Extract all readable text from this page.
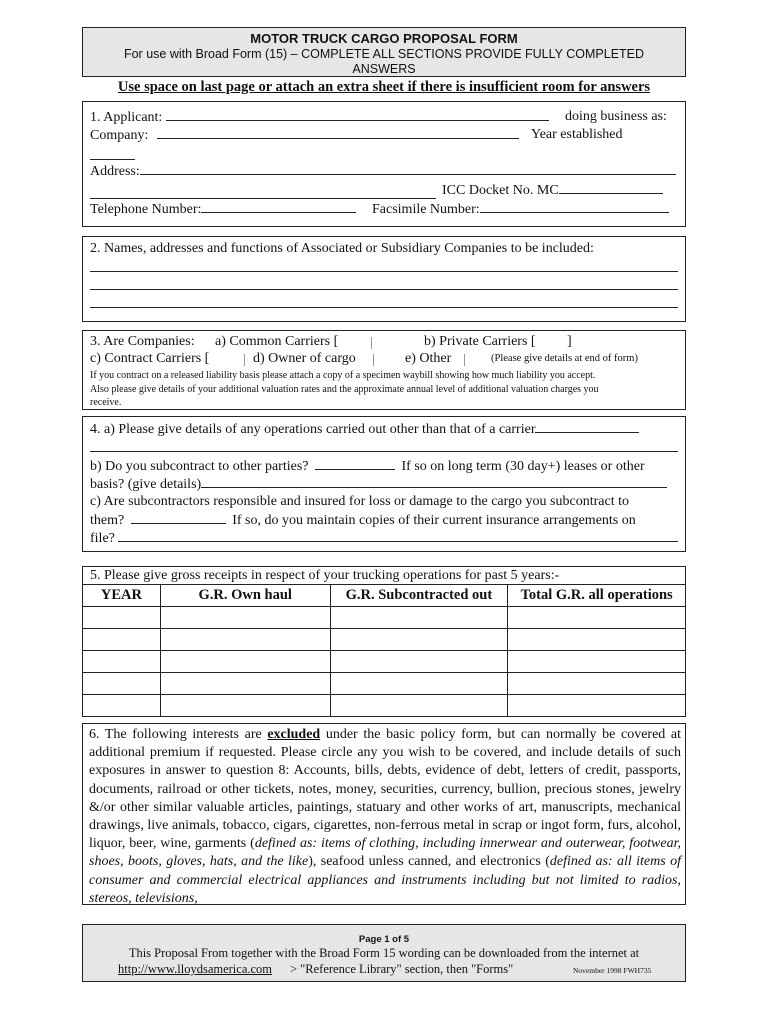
MOTOR TRUCK CARGO PROPOSAL FORM
For use with Broad Form (15) – COMPLETE ALL SECTIONS PROVIDE FULLY COMPLETED
ANSWERS
Use space on last page or attach an extra sheet if there is insufficient room for answers
1. Applicant:	doing business as:
Company:	Year established
Address:
ICC Docket No. MC
Telephone Number:	Facsimile Number:
2. Names, addresses and functions of Associated or Subsidiary Companies to be included:
3. Are Companies: a) Common Carriers [	b) Private Carriers [ ]
c) Contract Carriers [	d) Owner of cargo	e) Other	(Please give details at end of form)
If you contract on a released liability basis please attach a copy of a specimen waybill showing how much liability you accept.
Also please give details of your additional valuation rates and the approximate annual level of additional valuation charges you
receive.
4. a) Please give details of any operations carried out other than that of a carrier
b) Do you subcontract to other parties?	If so on long term (30 day+) leases or other
basis? (give details)
c) Are subcontractors responsible and insured for loss or damage to the cargo you subcontract to
them?	If so, do you maintain copies of their current insurance arrangements on
file?
5. Please give gross receipts in respect of your trucking operations for past 5 years:-
YEAR	G.R. Own haul	G.R. Subcontracted out	Total G.R. all operations

6. The following interests are excluded under the basic policy form, but can normally be covered at additional premium if requested. Please circle any you wish to be covered, and include details of such exposures in answer to question 8: Accounts, bills, debts, evidence of debt, letters of credit, passports, documents, railroad or other tickets, notes, money, securities, currency, bullion, precious stones, jewelry &/or other similar valuable articles, paintings, statuary and other works of art, manuscripts, mechanical drawings, live animals, tobacco, cigars, cigarettes, non-ferrous metal in scrap or ingot form, furs, alcohol, liquor, beer, wine, garments (defined as: items of clothing, including innerwear and outerwear, footwear, shoes, boots, gloves, hats, and the like), seafood unless canned, and electronics (defined as: all items of consumer and commercial electrical appliances and instruments including but not limited to radios, stereos, televisions,
Page 1 of 5
This Proposal From together with the Broad Form 15 wording can be downloaded from the internet at
http://www.lloydsamerica.com > "Reference Library" section, then "Forms"	November 1998 FWH735
